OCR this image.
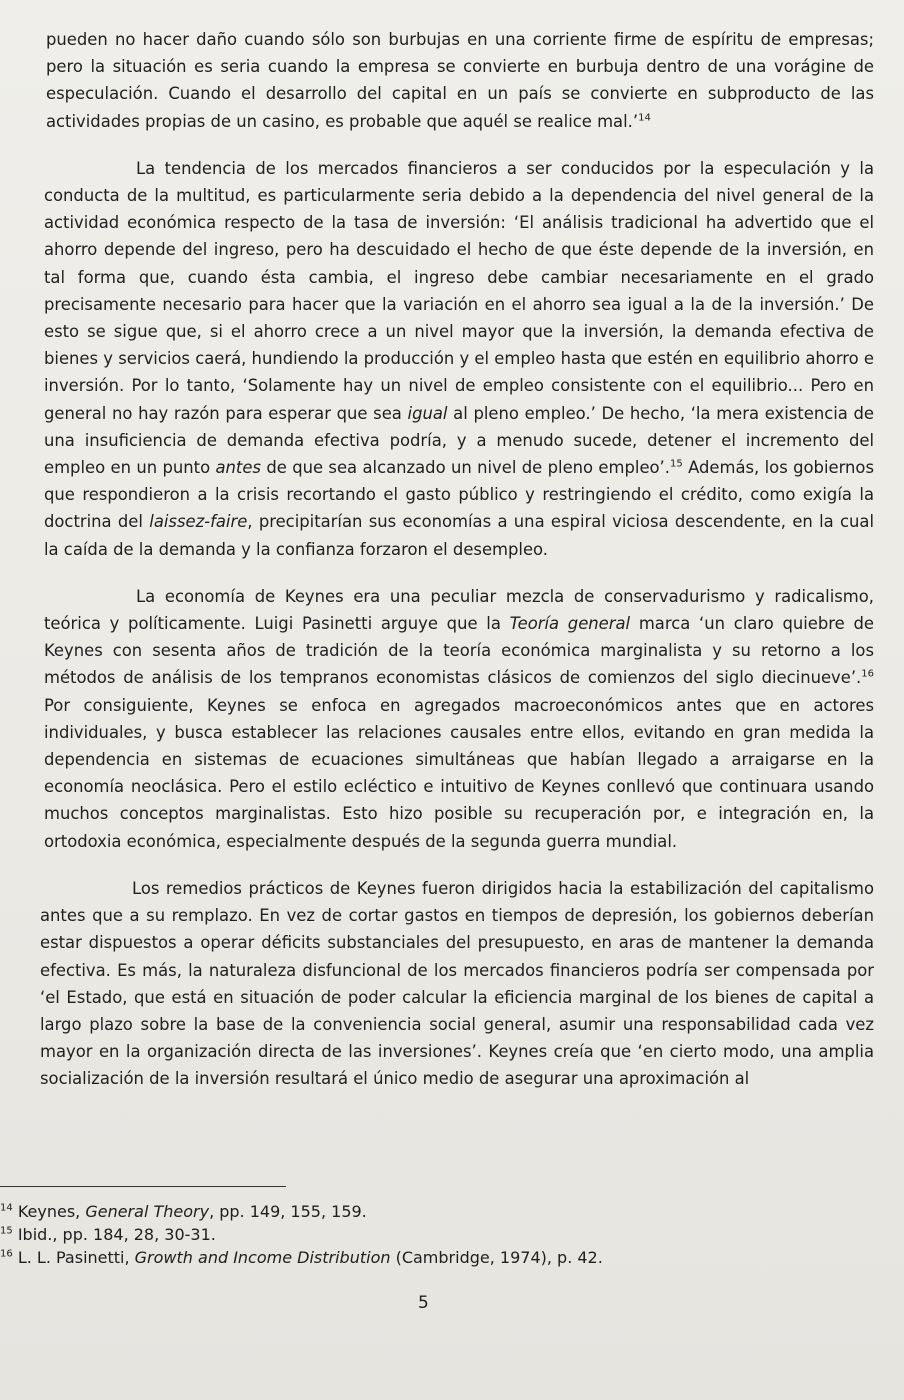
pueden no hacer daño cuando sólo son burbujas en una corriente firme de espíritu de empresas; pero la situación es seria cuando la empresa se convierte en burbuja dentro de una vorágine de especulación. Cuando el desarrollo del capital en un país se convierte en subproducto de las actividades propias de un casino, es probable que aquél se realice mal.’$^{14}$

La tendencia de los mercados financieros a ser conducidos por la especulación y la conducta de la multitud, es particularmente seria debido a la dependencia del nivel general de la actividad económica respecto de la tasa de inversión: ‘El análisis tradicional ha advertido que el ahorro depende del ingreso, pero ha descuidado el hecho de que éste depende de la inversión, en tal forma que, cuando ésta cambia, el ingreso debe cambiar necesariamente en el grado precisamente necesario para hacer que la variación en el ahorro sea igual a la de la inversión.’ De esto se sigue que, si el ahorro crece a un nivel mayor que la inversión, la demanda efectiva de bienes y servicios caerá, hundiendo la producción y el empleo hasta que estén en equilibrio ahorro e inversión. Por lo tanto, ‘Solamente hay un nivel de empleo consistente con el equilibrio... Pero en general no hay razón para esperar que sea igual al pleno empleo.’ De hecho, ‘la mera existencia de una insuficiencia de demanda efectiva podría, y a menudo sucede, detener el incremento del empleo en un punto antes de que sea alcanzado un nivel de pleno empleo’.$^{15}$ Además, los gobiernos que respondieron a la crisis recortando el gasto público y restringiendo el crédito, como exigía la doctrina del laissez-faire, precipitarían sus economías a una espiral viciosa descendente, en la cual la caída de la demanda y la confianza forzaron el desempleo.

La economía de Keynes era una peculiar mezcla de conservadurismo y radicalismo, teórica y políticamente. Luigi Pasinetti arguye que la Teoría general marca ‘un claro quiebre de Keynes con sesenta años de tradición de la teoría económica marginalista y su retorno a los métodos de análisis de los tempranos economistas clásicos de comienzos del siglo diecinueve’.$^{16}$ Por consiguiente, Keynes se enfoca en agregados macroeconómicos antes que en actores individuales, y busca establecer las relaciones causales entre ellos, evitando en gran medida la dependencia en sistemas de ecuaciones simultáneas que habían llegado a arraigarse en la economía neoclásica. Pero el estilo ecléctico e intuitivo de Keynes conllevó que continuara usando muchos conceptos marginalistas. Esto hizo posible su recuperación por, e integración en, la ortodoxia económica, especialmente después de la segunda guerra mundial.

Los remedios prácticos de Keynes fueron dirigidos hacia la estabilización del capitalismo antes que a su remplazo. En vez de cortar gastos en tiempos de depresión, los gobiernos deberían estar dispuestos a operar déficits substanciales del presupuesto, en aras de mantener la demanda efectiva. Es más, la naturaleza disfuncional de los mercados financieros podría ser compensada por ‘el Estado, que está en situación de poder calcular la eficiencia marginal de los bienes de capital a largo plazo sobre la base de la conveniencia social general, asumir una responsabilidad cada vez mayor en la organización directa de las inversiones’. Keynes creía que ‘en cierto modo, una amplia socialización de la inversión resultará el único medio de asegurar una aproximación al

$^{14}$ Keynes, General Theory, pp. 149, 155, 159.

$^{15}$ Ibid., pp. 184, 28, 30-31.

$^{16}$ L. L. Pasinetti, Growth and Income Distribution (Cambridge, 1974), p. 42.

5
